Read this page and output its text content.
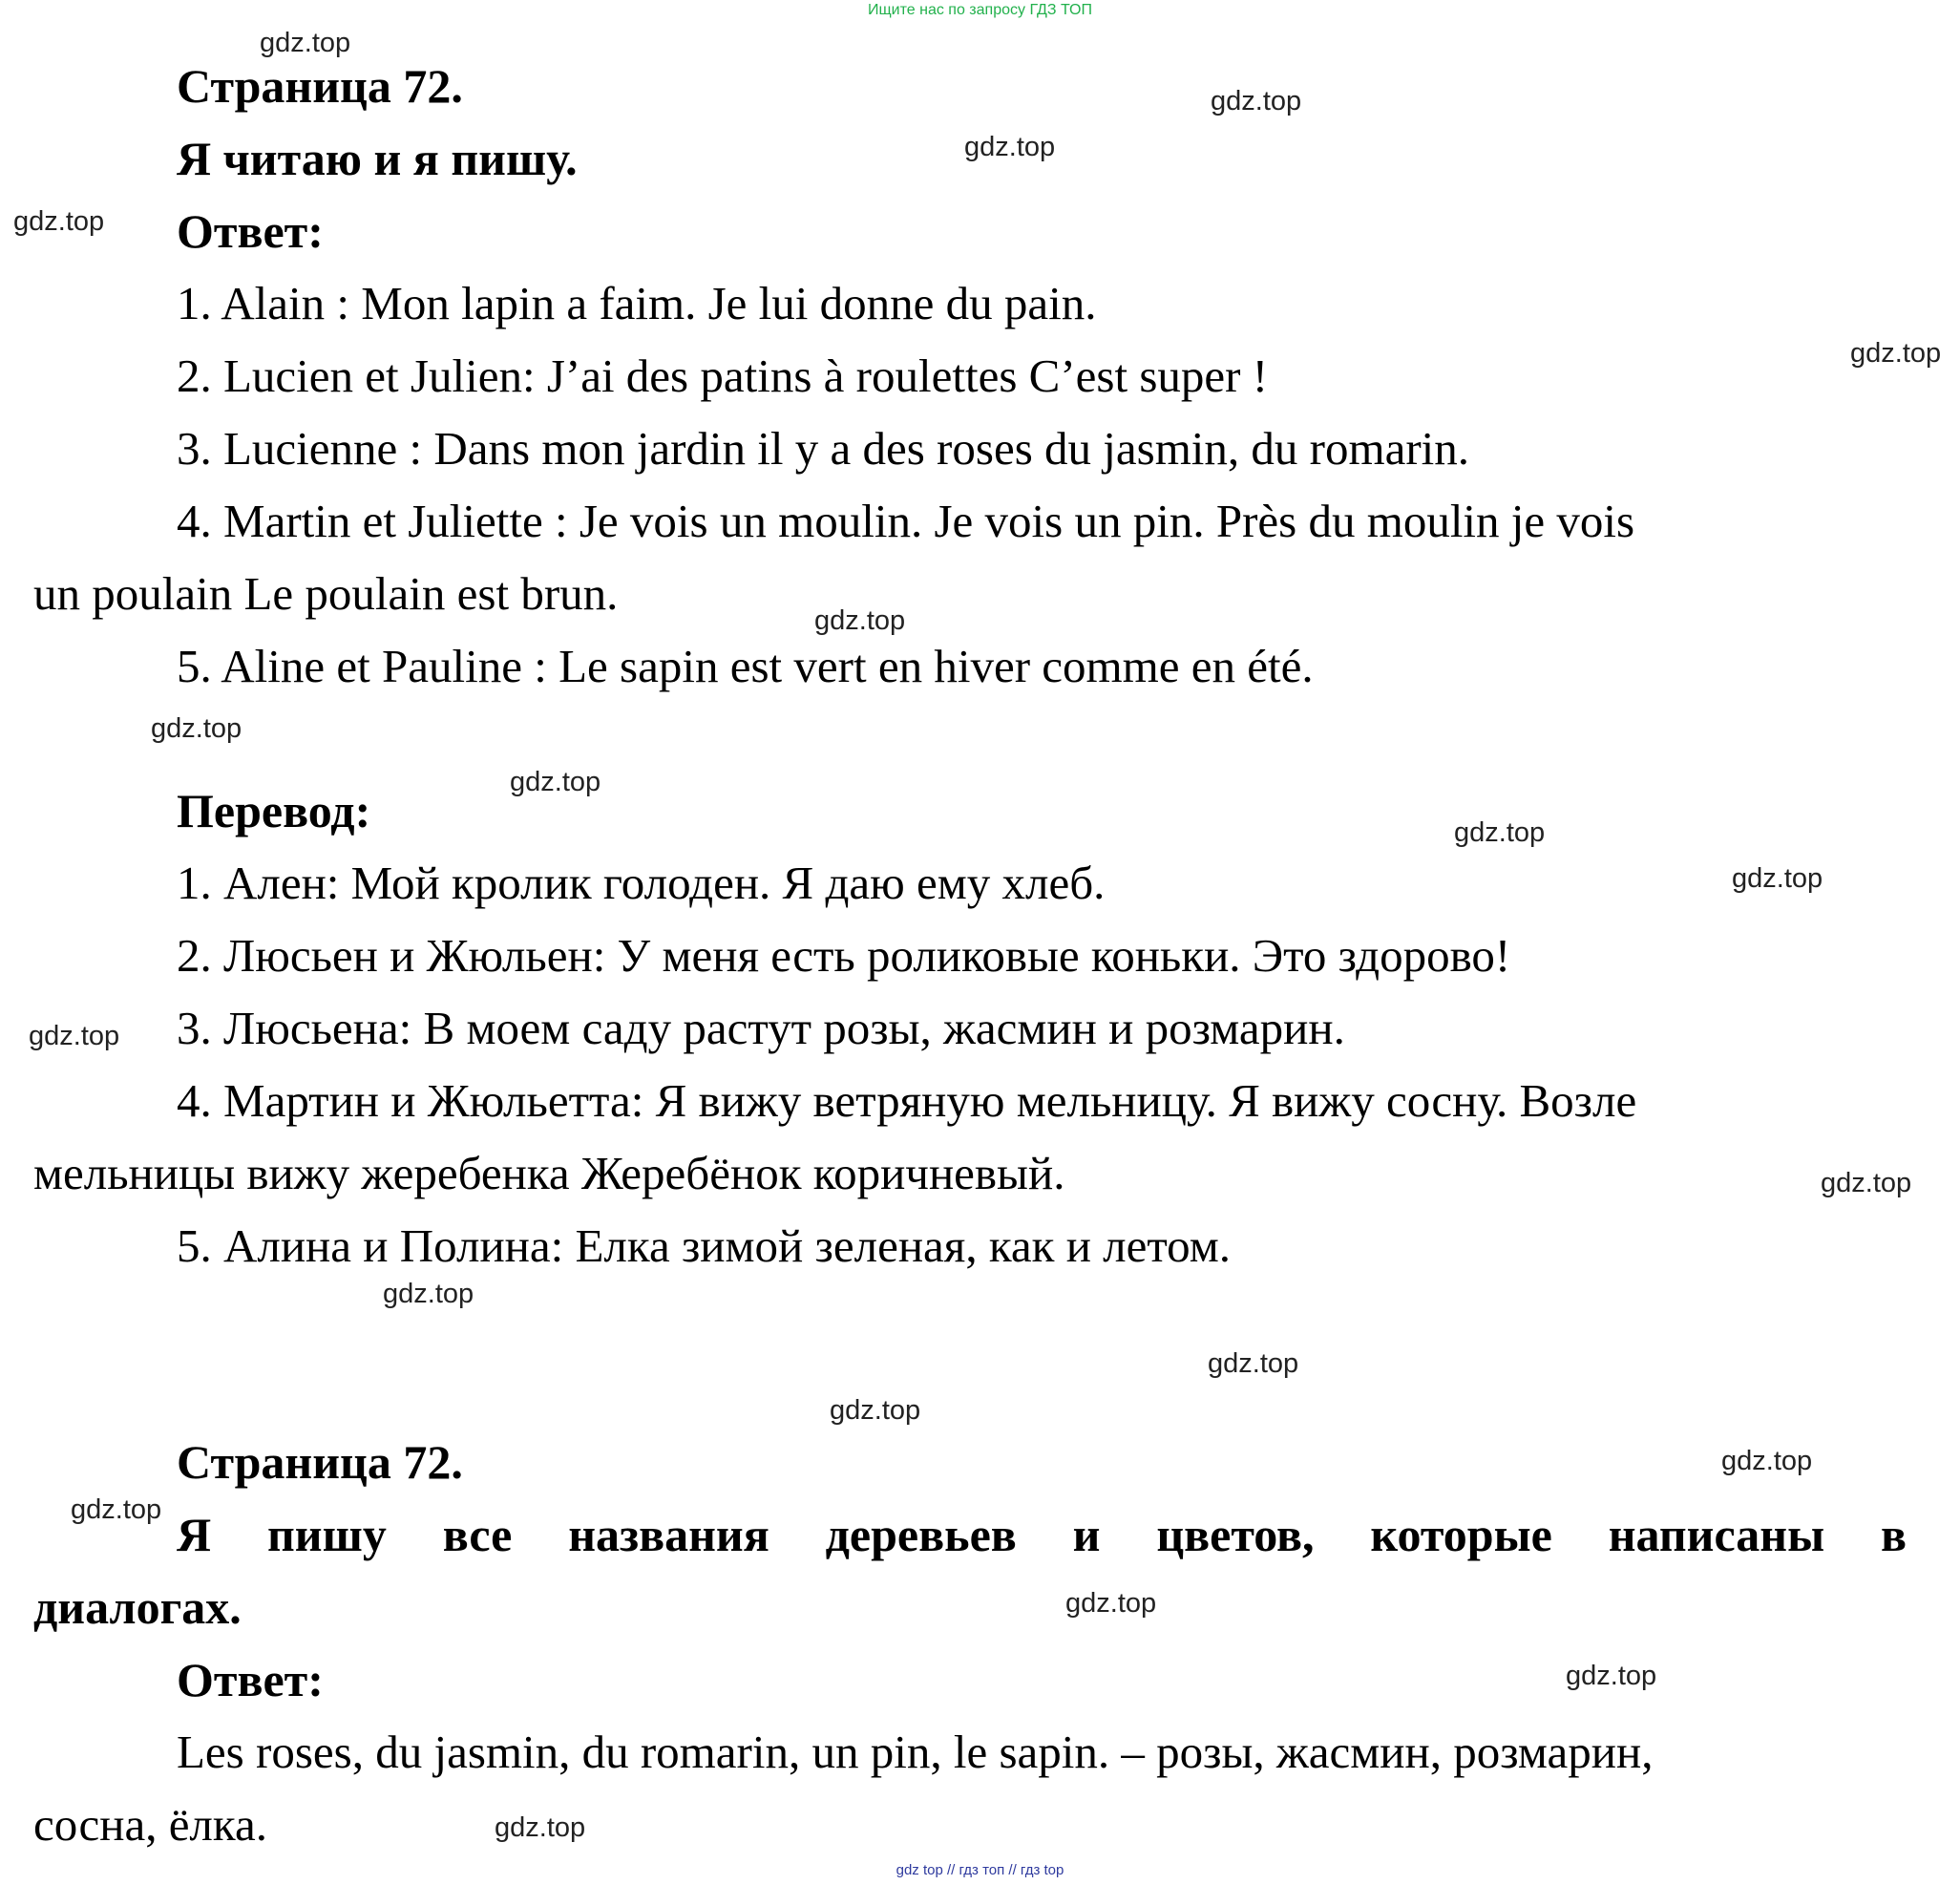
Ищите нас по запросу ГДЗ ТОП
Страница 72.
Я читаю и я пишу.
Ответ:
1. Alain : Mon lapin a faim. Je lui donne du pain.
2. Lucien et Julien: J’ai des patins à roulettes C’est super !
3. Lucienne : Dans mon jardin il y a des roses du jasmin, du romarin.
4. Martin et Juliette : Je vois un moulin. Je vois un pin. Près du moulin je vois
un poulain Le poulain est brun.
5. Aline et Pauline : Le sapin est vert en hiver comme en été.
Перевод:
1. Ален: Мой кролик голоден. Я даю ему хлеб.
2. Люсьен и Жюльен: У меня есть роликовые коньки. Это здорово!
3. Люсьена: В моем саду растут розы, жасмин и розмарин.
4. Мартин и Жюльетта: Я вижу ветряную мельницу. Я вижу сосну. Возле
мельницы вижу жеребенка Жеребёнок коричневый.
5. Алина и Полина: Елка зимой зеленая, как и летом.
Страница 72.
Я пишу все названия деревьев и цветов, которые написаны в
диалогах.
Ответ:
Les roses, du jasmin, du romarin, un pin, le sapin. – розы, жасмин, розмарин,
сосна, ёлка.
gdz.top
gdz.top
gdz.top
gdz.top
gdz.top
gdz.top
gdz.top
gdz.top
gdz.top
gdz.top
gdz.top
gdz.top
gdz.top
gdz.top
gdz.top
gdz.top
gdz.top
gdz.top
gdz.top
gdz.top
gdz top // гдз топ // гдз top
